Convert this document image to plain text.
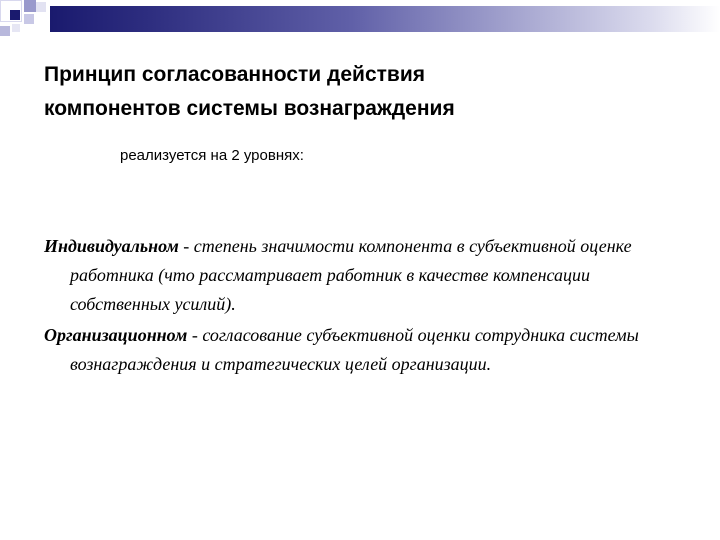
Принцип согласованности действия
компонентов системы вознаграждения

реализуется на 2 уровнях:

Индивидуальном - степень значимости компонента в субъективной оценке работника (что рассматривает работник в качестве компенсации собственных усилий).

Организационном - согласование субъективной оценки сотрудника системы вознаграждения и стратегических целей организации.
